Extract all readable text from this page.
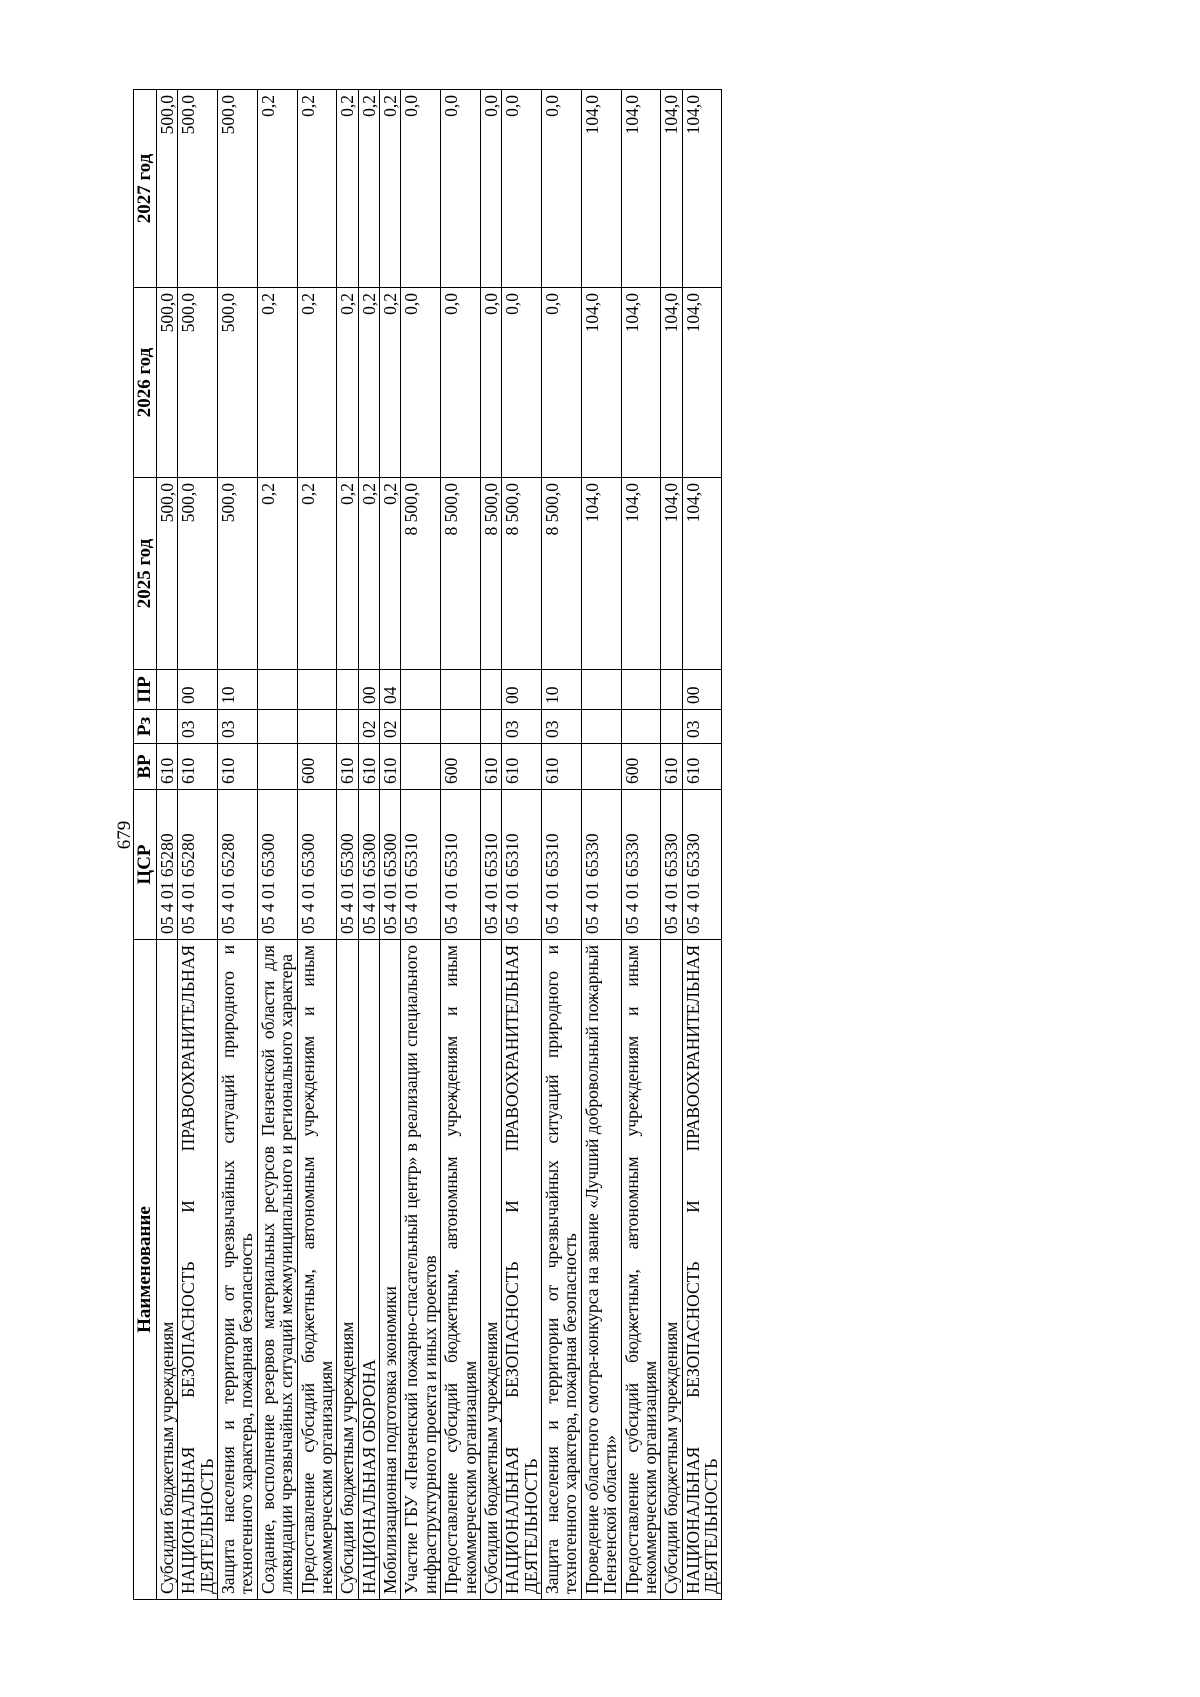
679
Наименование	ЦСР	ВР	Рз	ПР	2025 год	2026 год	2027 год
Субсидии бюджетным учреждениям	05 4 01 65280	610			500,0	500,0	500,0
НАЦИОНАЛЬНАЯ БЕЗОПАСНОСТЬ И ПРАВООХРАНИТЕЛЬНАЯ ДЕЯТЕЛЬНОСТЬ	05 4 01 65280	610	03	00	500,0	500,0	500,0
Защита населения и территории от чрезвычайных ситуаций природного и техногенного характера, пожарная безопасность	05 4 01 65280	610	03	10	500,0	500,0	500,0
Создание, восполнение резервов материальных ресурсов Пензенской области для ликвидации чрезвычайных ситуаций межмуниципального и регионального характера	05 4 01 65300				0,2	0,2	0,2
Предоставление субсидий бюджетным, автономным учреждениям и иным некоммерческим организациям	05 4 01 65300	600			0,2	0,2	0,2
Субсидии бюджетным учреждениям	05 4 01 65300	610			0,2	0,2	0,2
НАЦИОНАЛЬНАЯ ОБОРОНА	05 4 01 65300	610	02	00	0,2	0,2	0,2
Мобилизационная подготовка экономики	05 4 01 65300	610	02	04	0,2	0,2	0,2
Участие ГБУ «Пензенский пожарно-спасательный центр» в реализации специального инфраструктурного проекта и иных проектов	05 4 01 65310				8 500,0	0,0	0,0
Предоставление субсидий бюджетным, автономным учреждениям и иным некоммерческим организациям	05 4 01 65310	600			8 500,0	0,0	0,0
Субсидии бюджетным учреждениям	05 4 01 65310	610			8 500,0	0,0	0,0
НАЦИОНАЛЬНАЯ БЕЗОПАСНОСТЬ И ПРАВООХРАНИТЕЛЬНАЯ ДЕЯТЕЛЬНОСТЬ	05 4 01 65310	610	03	00	8 500,0	0,0	0,0
Защита населения и территории от чрезвычайных ситуаций природного и техногенного характера, пожарная безопасность	05 4 01 65310	610	03	10	8 500,0	0,0	0,0
Проведение областного смотра-конкурса на звание «Лучший добровольный пожарный Пензенской области»	05 4 01 65330				104,0	104,0	104,0
Предоставление субсидий бюджетным, автономным учреждениям и иным некоммерческим организациям	05 4 01 65330	600			104,0	104,0	104,0
Субсидии бюджетным учреждениям	05 4 01 65330	610			104,0	104,0	104,0
НАЦИОНАЛЬНАЯ БЕЗОПАСНОСТЬ И ПРАВООХРАНИТЕЛЬНАЯ ДЕЯТЕЛЬНОСТЬ	05 4 01 65330	610	03	00	104,0	104,0	104,0
